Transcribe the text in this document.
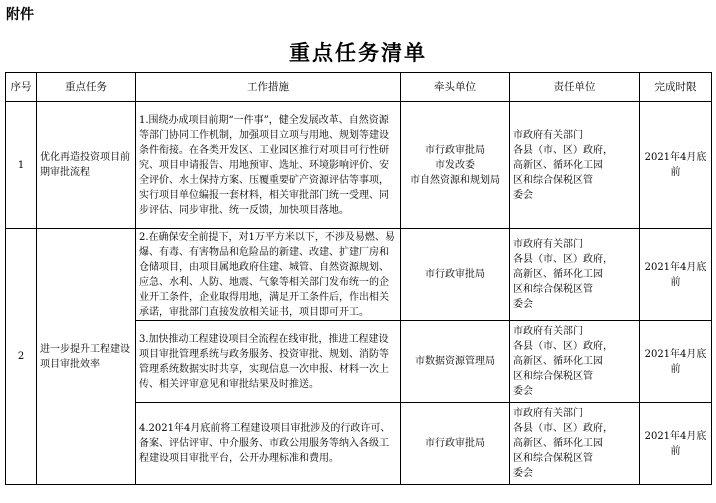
附件
重点任务清单
序号	重点任务	工作措施	牵头单位	责任单位	完成时限
1	优化再造投资项目前期审批流程	1.围绕办成项目前期“一件事”，健全发展改革、自然资源等部门协同工作机制，加强项目立项与用地、规划等建设条件衔接。在各类开发区、工业园区推行对项目可行性研究、项目申请报告、用地预审、选址、环境影响评价、安全评价、水土保持方案、压覆重要矿产资源评估等事项，实行项目单位编报一套材料，相关审批部门统一受理、同步评估、同步审批、统一反馈，加快项目落地。	市行政审批局
市发改委
市自然资源和规划局	市政府有关部门
各县（市、区）政府，
高新区、循环化工园
区和综合保税区管
委会	2021年4月底前
2	进一步提升工程建设项目审批效率	2.在确保安全前提下，对1万平方米以下，不涉及易燃、易爆、有毒、有害物品和危险品的新建、改建、扩建厂房和仓储项目，由项目属地政府住建、城管、自然资源规划、应急、水利、人防、地震、气象等相关部门发布统一的企业开工条件，企业取得用地，满足开工条件后，作出相关承诺，审批部门直接发放相关证书，项目即可开工。	市行政审批局	市政府有关部门
各县（市、区）政府，
高新区、循环化工园
区和综合保税区管
委会	2021年4月底前
		3.加快推动工程建设项目全流程在线审批，推进工程建设项目审批管理系统与政务服务、投资审批、规划、消防等管理系统数据实时共享，实现信息一次申报、材料一次上传、相关评审意见和审批结果及时推送。	市数据资源管理局	市政府有关部门
各县（市、区）政府，
高新区、循环化工园
区和综合保税区管
委会	2021年4月底前
		4.2021年4月底前将工程建设项目审批涉及的行政许可、备案、评估评审、中介服务、市政公用服务等纳入各级工程建设项目审批平台，公开办理标准和费用。	市行政审批局	市政府有关部门
各县（市、区）政府，
高新区、循环化工园
区和综合保税区管
委会	2021年4月底前
